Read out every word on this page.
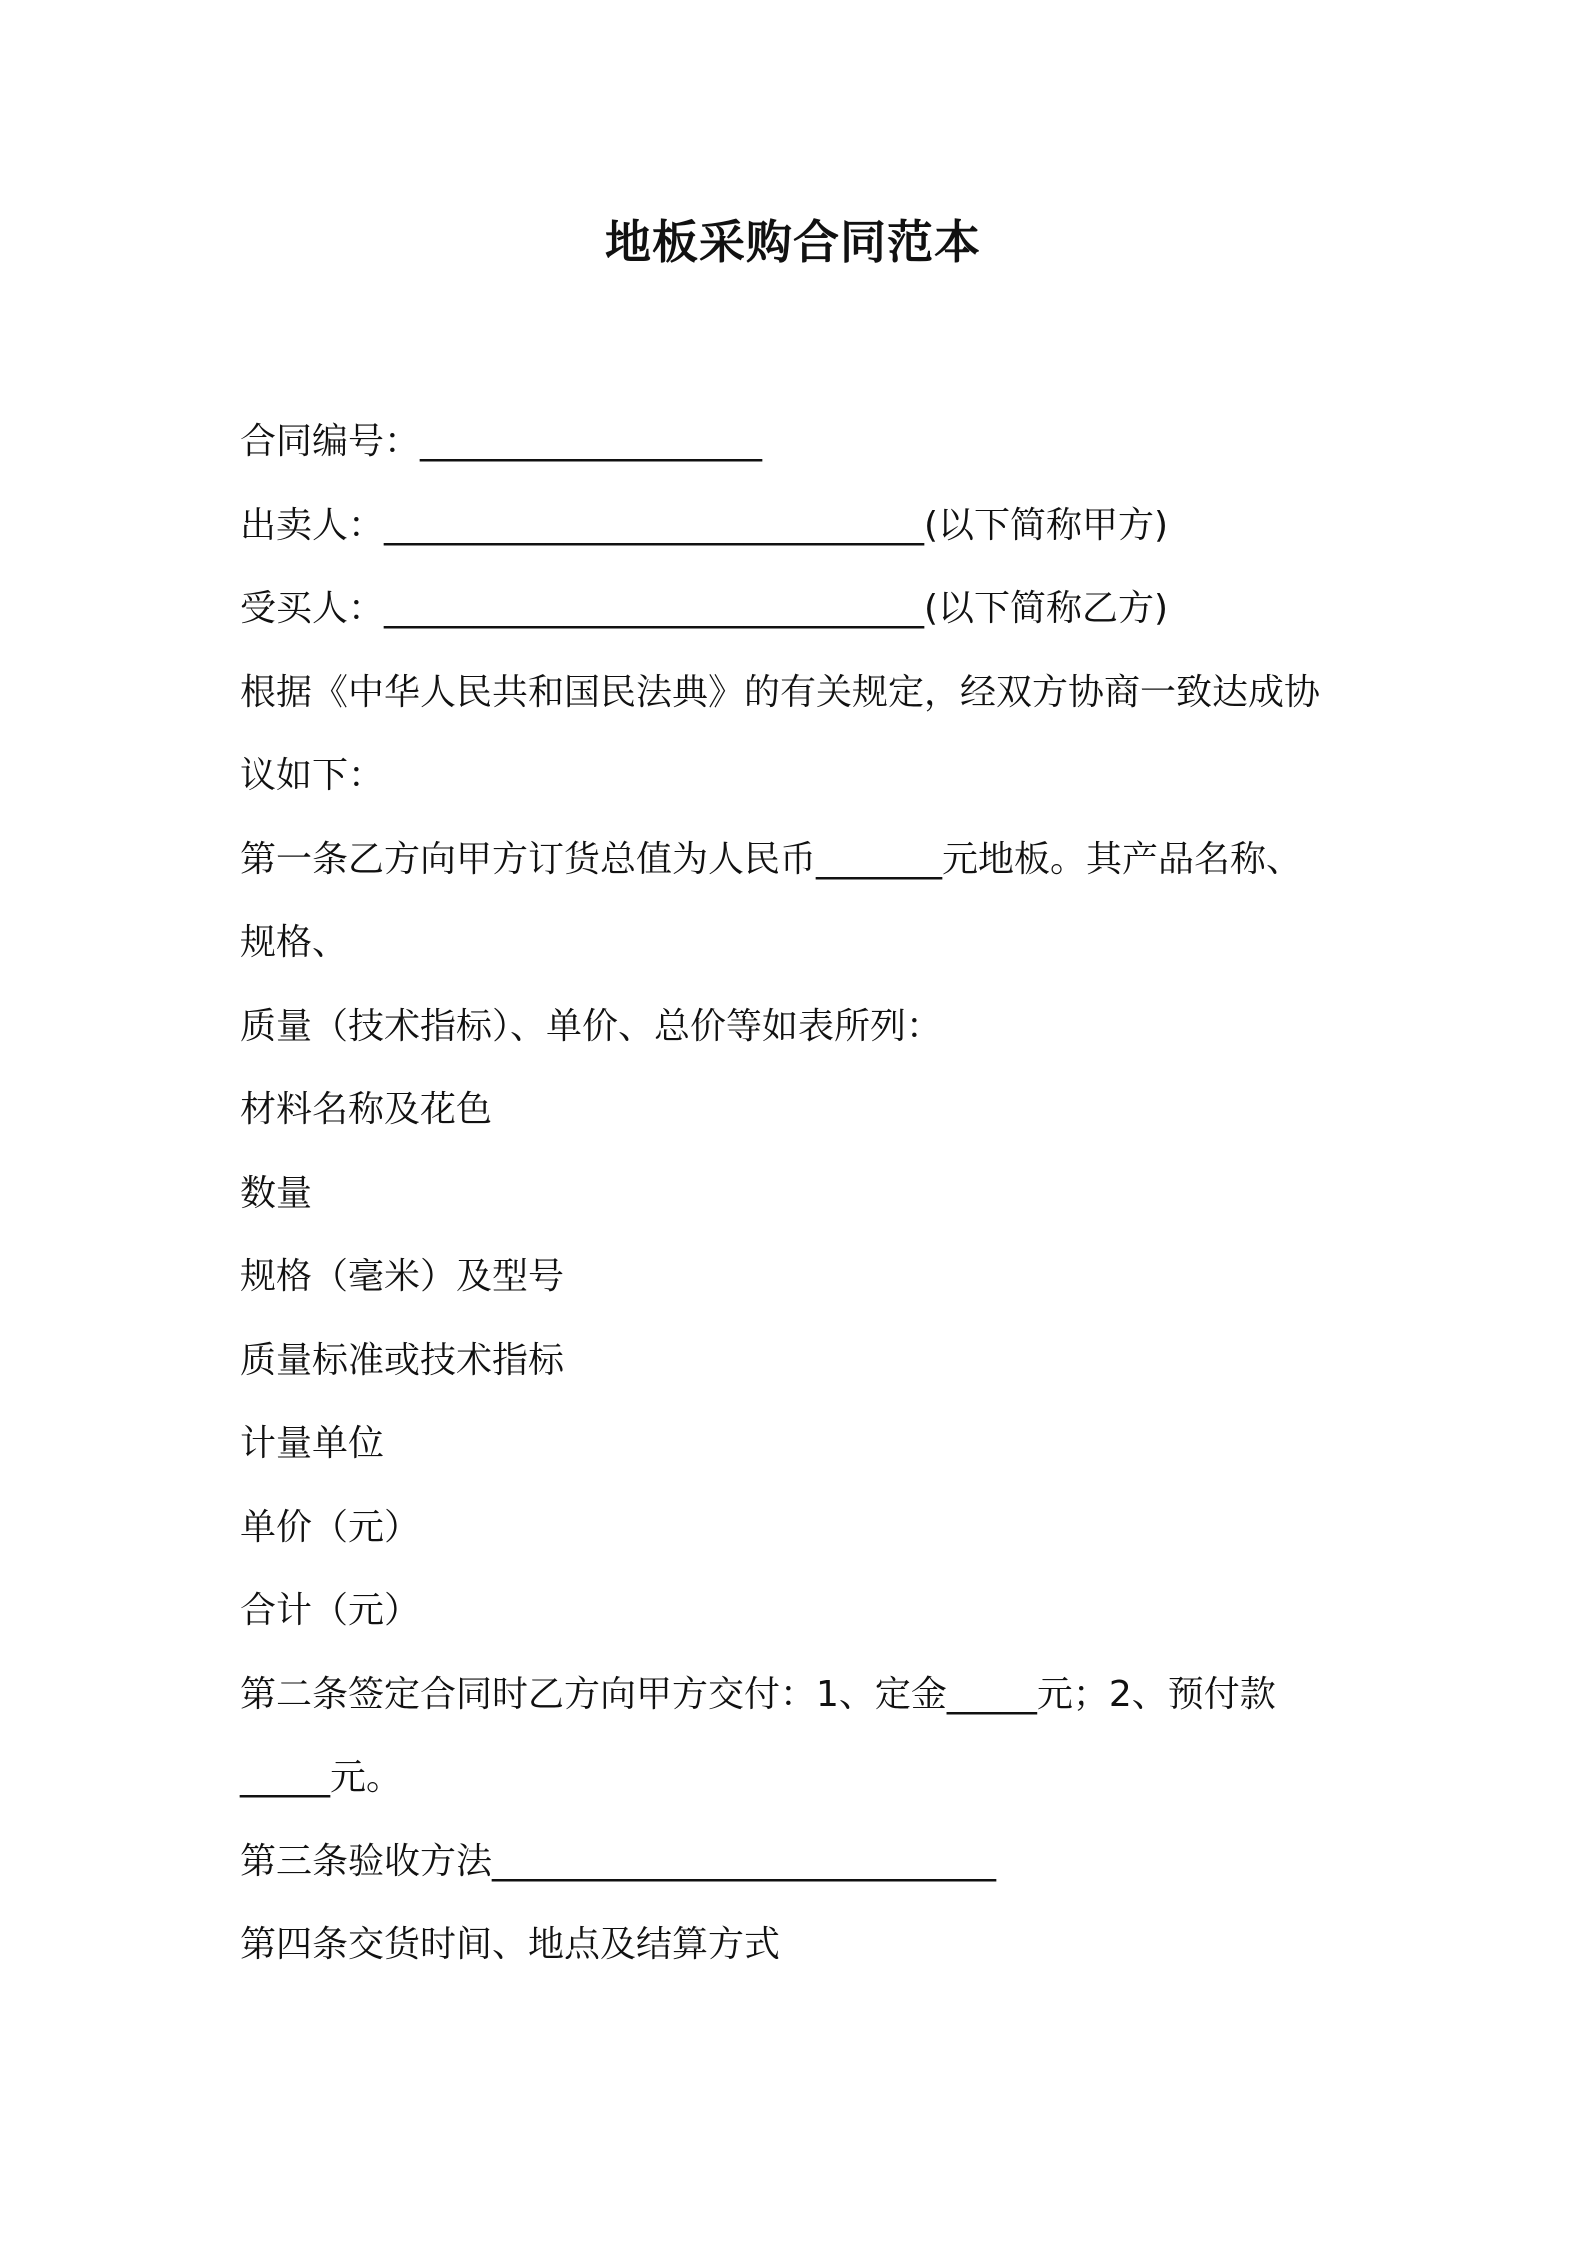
地板采购合同范本
合同编号：___________________
出卖人：______________________________(以下简称甲方)
受买人：______________________________(以下简称乙方)
根据《中华人民共和国民法典》的有关规定，经双方协商一致达成协
议如下：
第一条乙方向甲方订货总值为人民币_______元地板。其产品名称、
规格、
质量（技术指标）、单价、总价等如表所列：
材料名称及花色
数量
规格（毫米）及型号
质量标准或技术指标
计量单位
单价（元）
合计（元）
第二条签定合同时乙方向甲方交付：1、定金_____元；2、预付款
_____元。
第三条验收方法____________________________
第四条交货时间、地点及结算方式
